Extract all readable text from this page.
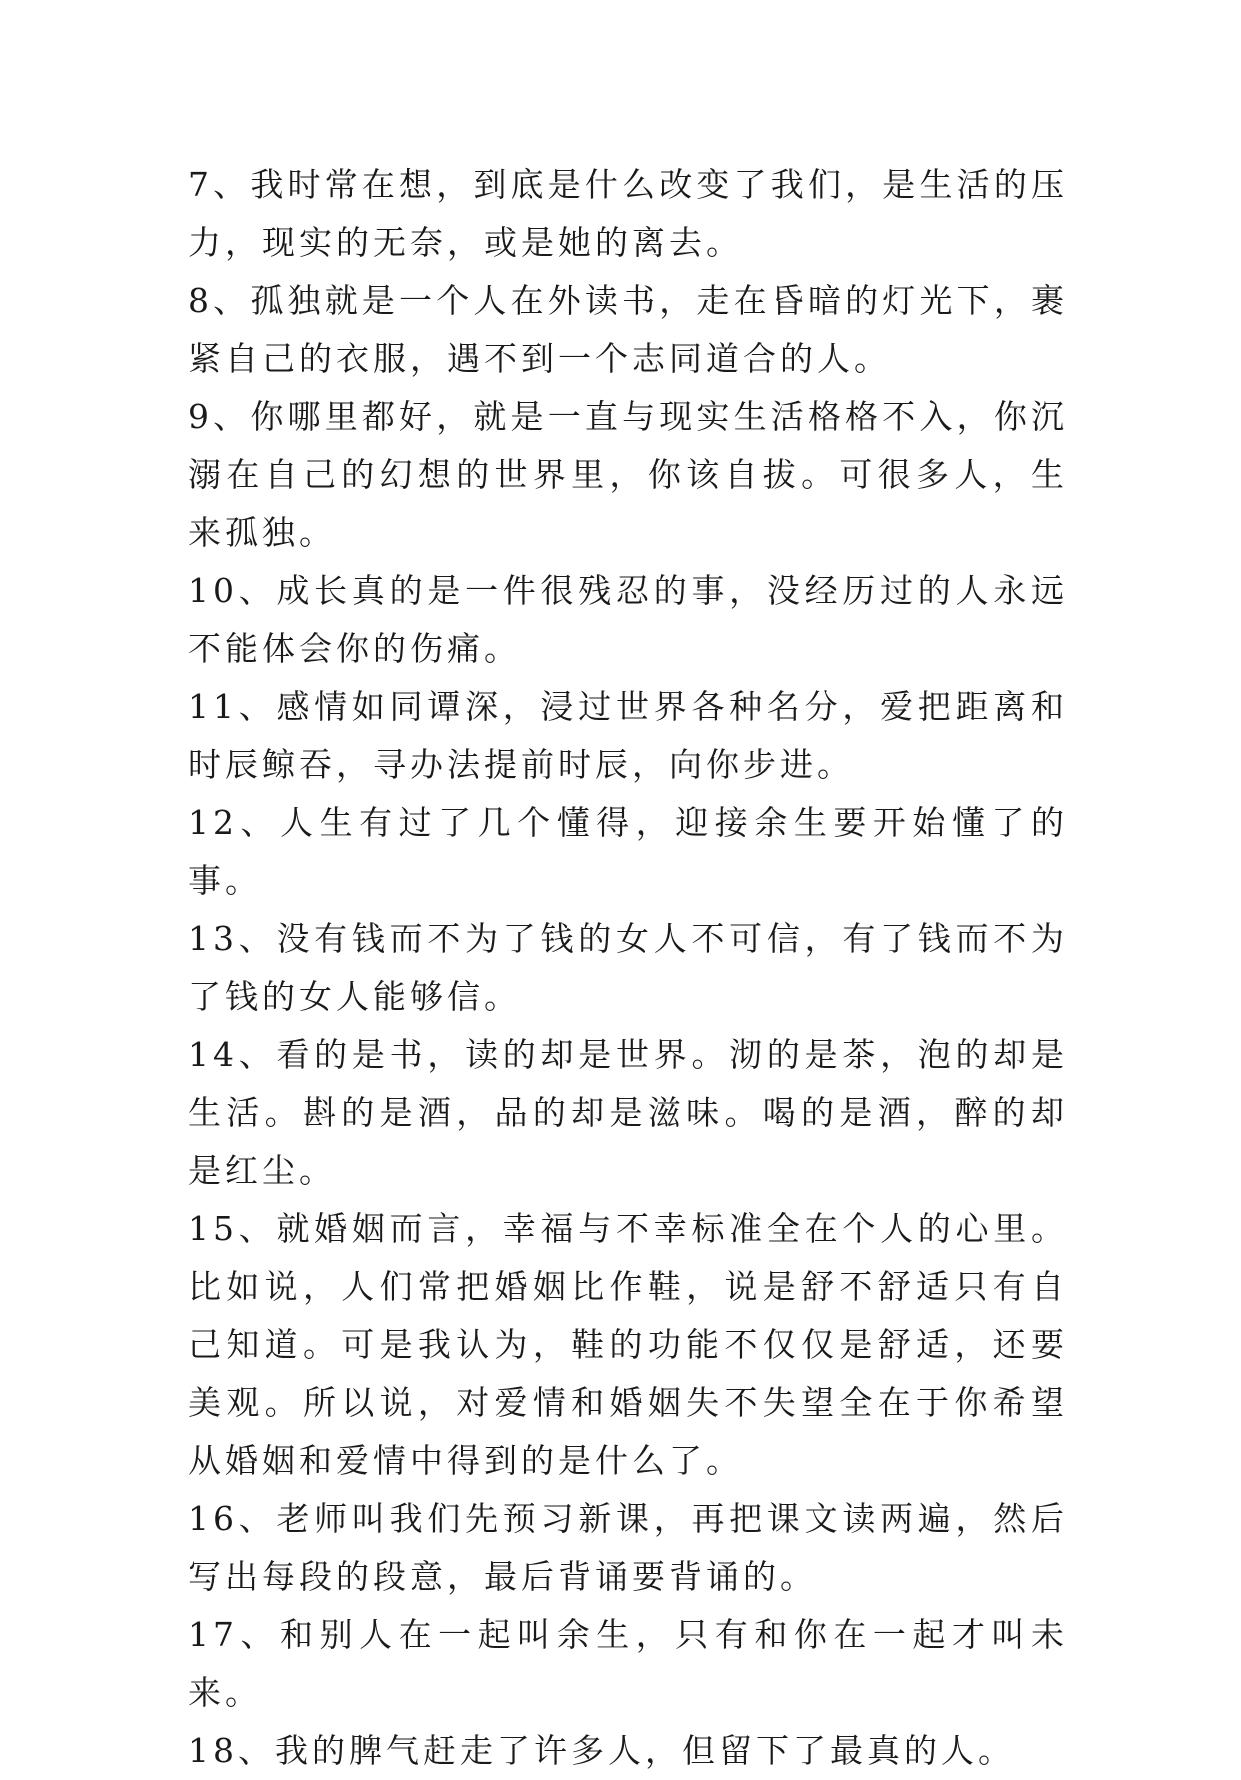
7、我时常在想，到底是什么改变了我们，是生活的压力，现实的无奈，或是她的离去。

8、孤独就是一个人在外读书，走在昏暗的灯光下，裹紧自己的衣服，遇不到一个志同道合的人。

9、你哪里都好，就是一直与现实生活格格不入，你沉溺在自己的幻想的世界里，你该自拔。可很多人，生来孤独。

10、成长真的是一件很残忍的事，没经历过的人永远不能体会你的伤痛。

11、感情如同谭深，浸过世界各种名分，爱把距离和时辰鲸吞，寻办法提前时辰，向你步进。

12、人生有过了几个懂得，迎接余生要开始懂了的事。

13、没有钱而不为了钱的女人不可信，有了钱而不为了钱的女人能够信。

14、看的是书，读的却是世界。沏的是茶，泡的却是生活。斟的是酒，品的却是滋味。喝的是酒，醉的却是红尘。

15、就婚姻而言，幸福与不幸标准全在个人的心里。比如说，人们常把婚姻比作鞋，说是舒不舒适只有自己知道。可是我认为，鞋的功能不仅仅是舒适，还要美观。所以说，对爱情和婚姻失不失望全在于你希望从婚姻和爱情中得到的是什么了。

16、老师叫我们先预习新课，再把课文读两遍，然后写出每段的段意，最后背诵要背诵的。

17、和别人在一起叫余生，只有和你在一起才叫未来。

18、我的脾气赶走了许多人，但留下了最真的人。
